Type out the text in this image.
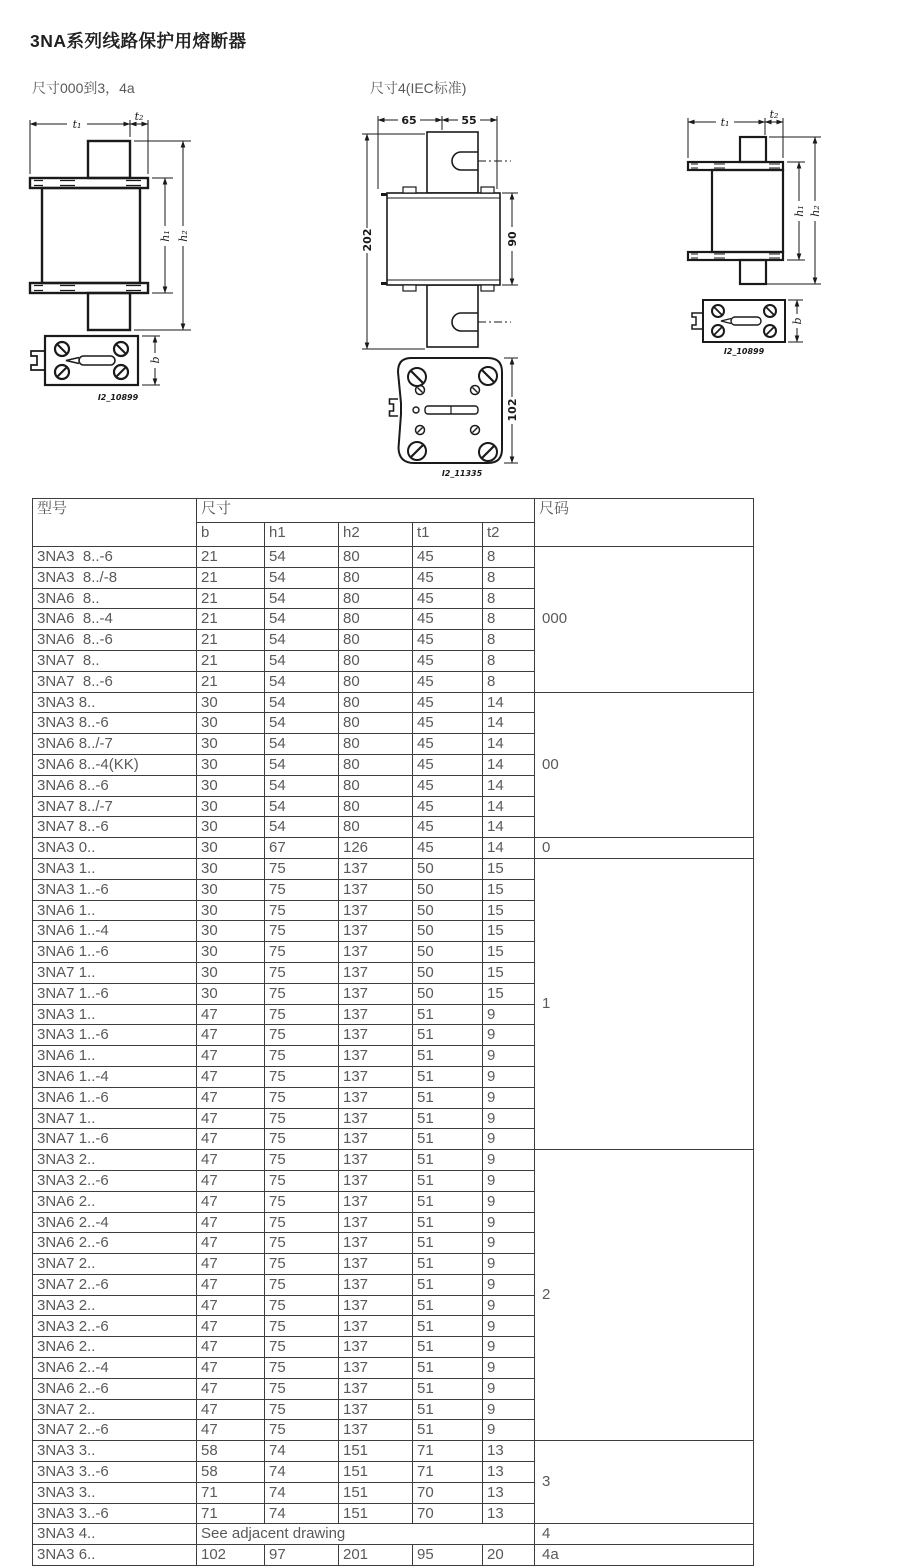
3NA系列线路保护用熔断器
尺寸000到3，4a	尺寸4(IEC标准)
t₁
t₂
h₁ h₂
b
I2_10899
65	55
202	90
102
I2_11335
t₁
t₂
h₁ h₂
b
I2_10899
型号	尺寸					尺码
	b	h1	h2	t1	t2	
3NA3  8..-6	21	54	80	45	8	000
3NA3  8../-8	21	54	80	45	8	
3NA6  8..	21	54	80	45	8	
3NA6  8..-4	21	54	80	45	8	
3NA6  8..-6	21	54	80	45	8	
3NA7  8..	21	54	80	45	8	
3NA7  8..-6	21	54	80	45	8	
3NA3 8..	30	54	80	45	14	00
3NA3 8..-6	30	54	80	45	14	
3NA6 8../-7	30	54	80	45	14	
3NA6 8..-4(KK)	30	54	80	45	14	
3NA6 8..-6	30	54	80	45	14	
3NA7 8../-7	30	54	80	45	14	
3NA7 8..-6	30	54	80	45	14	
3NA3 0..	30	67	126	45	14	0
3NA3 1..	30	75	137	50	15	1
3NA3 1..-6	30	75	137	50	15	
3NA6 1..	30	75	137	50	15	
3NA6 1..-4	30	75	137	50	15	
3NA6 1..-6	30	75	137	50	15	
3NA7 1..	30	75	137	50	15	
3NA7 1..-6	30	75	137	50	15	
3NA3 1..	47	75	137	51	9	
3NA3 1..-6	47	75	137	51	9	
3NA6 1..	47	75	137	51	9	
3NA6 1..-4	47	75	137	51	9	
3NA6 1..-6	47	75	137	51	9	
3NA7 1..	47	75	137	51	9	
3NA7 1..-6	47	75	137	51	9	
3NA3 2..	47	75	137	51	9	2
3NA3 2..-6	47	75	137	51	9	
3NA6 2..	47	75	137	51	9	
3NA6 2..-4	47	75	137	51	9	
3NA6 2..-6	47	75	137	51	9	
3NA7 2..	47	75	137	51	9	
3NA7 2..-6	47	75	137	51	9	
3NA3 2..	47	75	137	51	9	
3NA3 2..-6	47	75	137	51	9	
3NA6 2..	47	75	137	51	9	
3NA6 2..-4	47	75	137	51	9	
3NA6 2..-6	47	75	137	51	9	
3NA7 2..	47	75	137	51	9	
3NA7 2..-6	47	75	137	51	9	
3NA3 3..	58	74	151	71	13	3
3NA3 3..-6	58	74	151	71	13	
3NA3 3..	71	74	151	70	13	
3NA3 3..-6	71	74	151	70	13	
3NA3 4..	See adjacent drawing					4
3NA3 6..	102	97	201	95	20	4a
